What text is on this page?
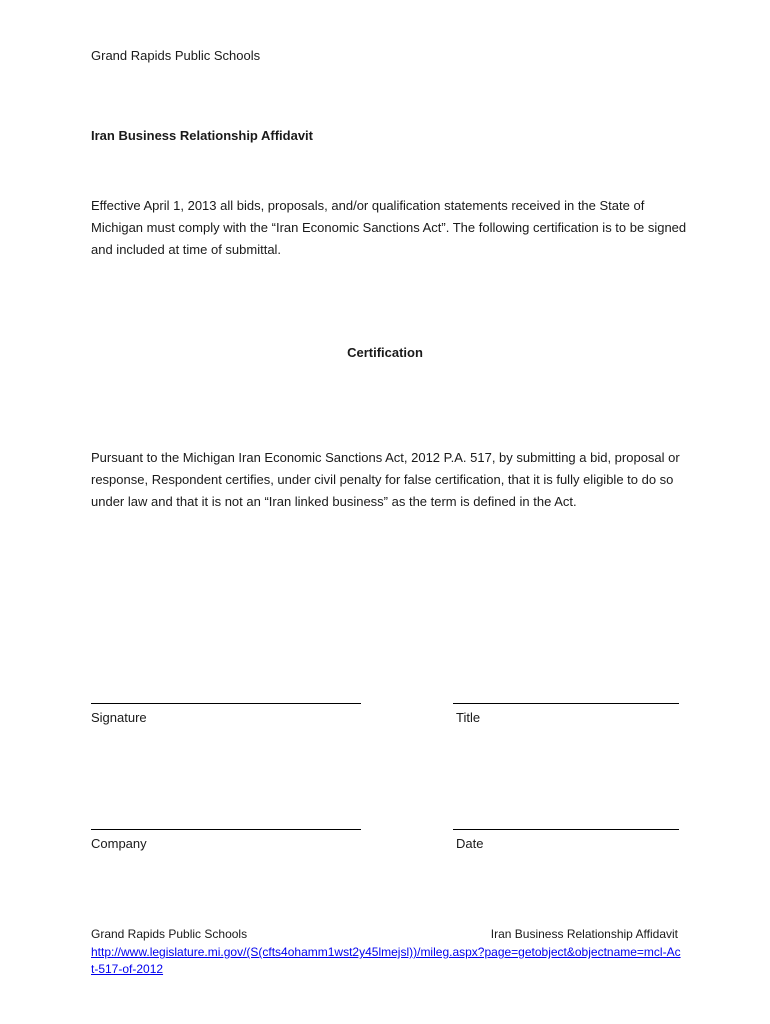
Grand Rapids Public Schools
Iran Business Relationship Affidavit
Effective April 1, 2013 all bids, proposals, and/or qualification statements received in the State of Michigan must comply with the “Iran Economic Sanctions Act”. The following certification is to be signed and included at time of submittal.
Certification
Pursuant to the Michigan Iran Economic Sanctions Act, 2012 P.A. 517, by submitting a bid, proposal or response, Respondent certifies, under civil penalty for false certification, that it is fully eligible to do so under law and that it is not an “Iran linked business” as the term is defined in the Act.
Signature	Title
Company	Date
Grand Rapids Public Schools	Iran Business Relationship Affidavit
http://www.legislature.mi.gov/(S(cfts4ohamm1wst2y45lmejsl))/mileg.aspx?page=getobject&objectname=mcl-Act-517-of-2012
